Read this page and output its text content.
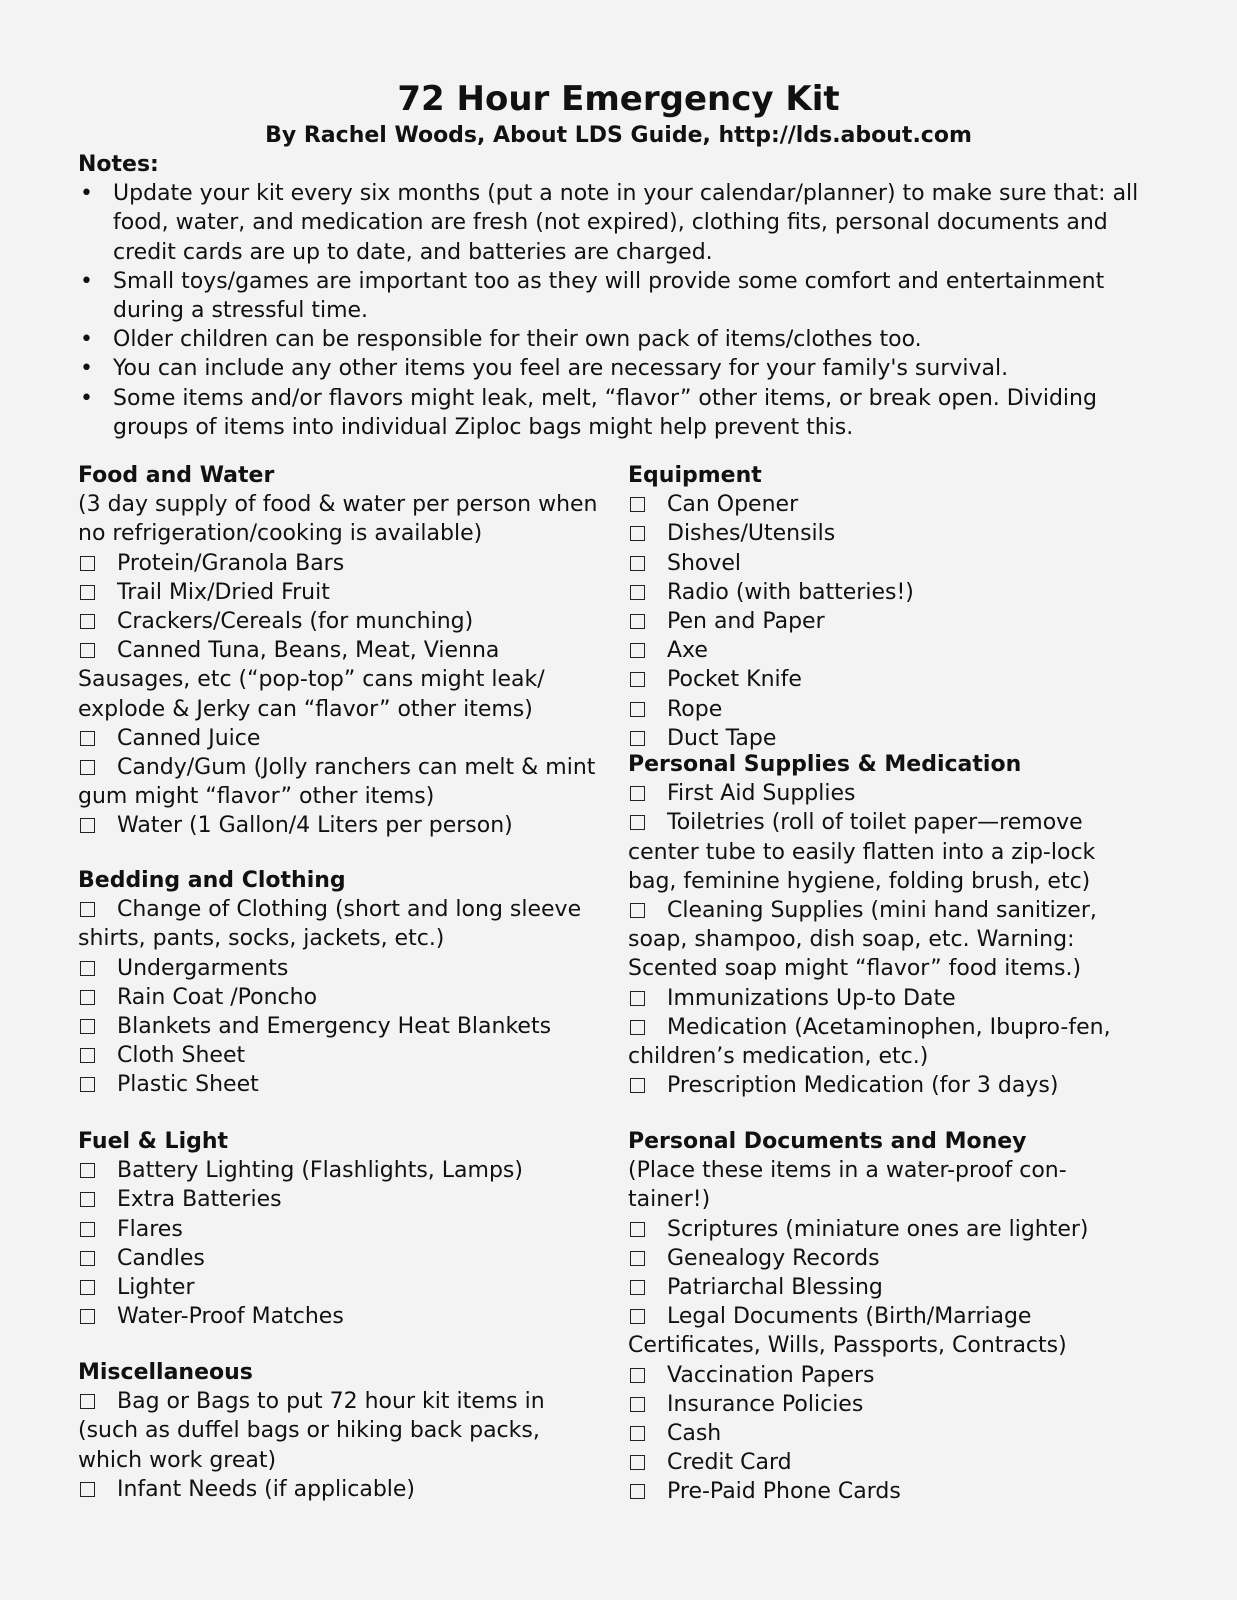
72 Hour Emergency Kit
By Rachel Woods, About LDS Guide, http://lds.about.com
Notes:
• Update your kit every six months (put a note in your calendar/planner) to make sure that: all food, water, and medication are fresh (not expired), clothing fits, personal documents and credit cards are up to date, and batteries are charged.
• Small toys/games are important too as they will provide some comfort and entertainment during a stressful time.
• Older children can be responsible for their own pack of items/clothes too.
• You can include any other items you feel are necessary for your family's survival.
• Some items and/or flavors might leak, melt, “flavor” other items, or break open. Dividing groups of items into individual Ziploc bags might help prevent this.
Food and Water
(3 day supply of food & water per person when no refrigeration/cooking is available)
Protein/Granola Bars
Trail Mix/Dried Fruit
Crackers/Cereals (for munching)
Canned Tuna, Beans, Meat, Vienna Sausages, etc (“pop-top” cans might leak/ explode & Jerky can “flavor” other items)
Canned Juice
Candy/Gum (Jolly ranchers can melt & mint gum might “flavor” other items)
Water (1 Gallon/4 Liters per person)
Bedding and Clothing
Change of Clothing (short and long sleeve shirts, pants, socks, jackets, etc.)
Undergarments
Rain Coat /Poncho
Blankets and Emergency Heat Blankets
Cloth Sheet
Plastic Sheet
Fuel & Light
Battery Lighting (Flashlights, Lamps)
Extra Batteries
Flares
Candles
Lighter
Water-Proof Matches
Miscellaneous
Bag or Bags to put 72 hour kit items in (such as duffel bags or hiking back packs, which work great)
Infant Needs (if applicable)
Equipment
Can Opener
Dishes/Utensils
Shovel
Radio (with batteries!)
Pen and Paper
Axe
Pocket Knife
Rope
Duct Tape
Personal Supplies & Medication
First Aid Supplies
Toiletries (roll of toilet paper—remove center tube to easily flatten into a zip-lock bag, feminine hygiene, folding brush, etc)
Cleaning Supplies (mini hand sanitizer, soap, shampoo, dish soap, etc. Warning: Scented soap might “flavor” food items.)
Immunizations Up-to Date
Medication (Acetaminophen, Ibupro-fen, children’s medication, etc.)
Prescription Medication (for 3 days)
Personal Documents and Money
(Place these items in a water-proof con-tainer!)
Scriptures (miniature ones are lighter)
Genealogy Records
Patriarchal Blessing
Legal Documents (Birth/Marriage Certificates, Wills, Passports, Contracts)
Vaccination Papers
Insurance Policies
Cash
Credit Card
Pre-Paid Phone Cards
